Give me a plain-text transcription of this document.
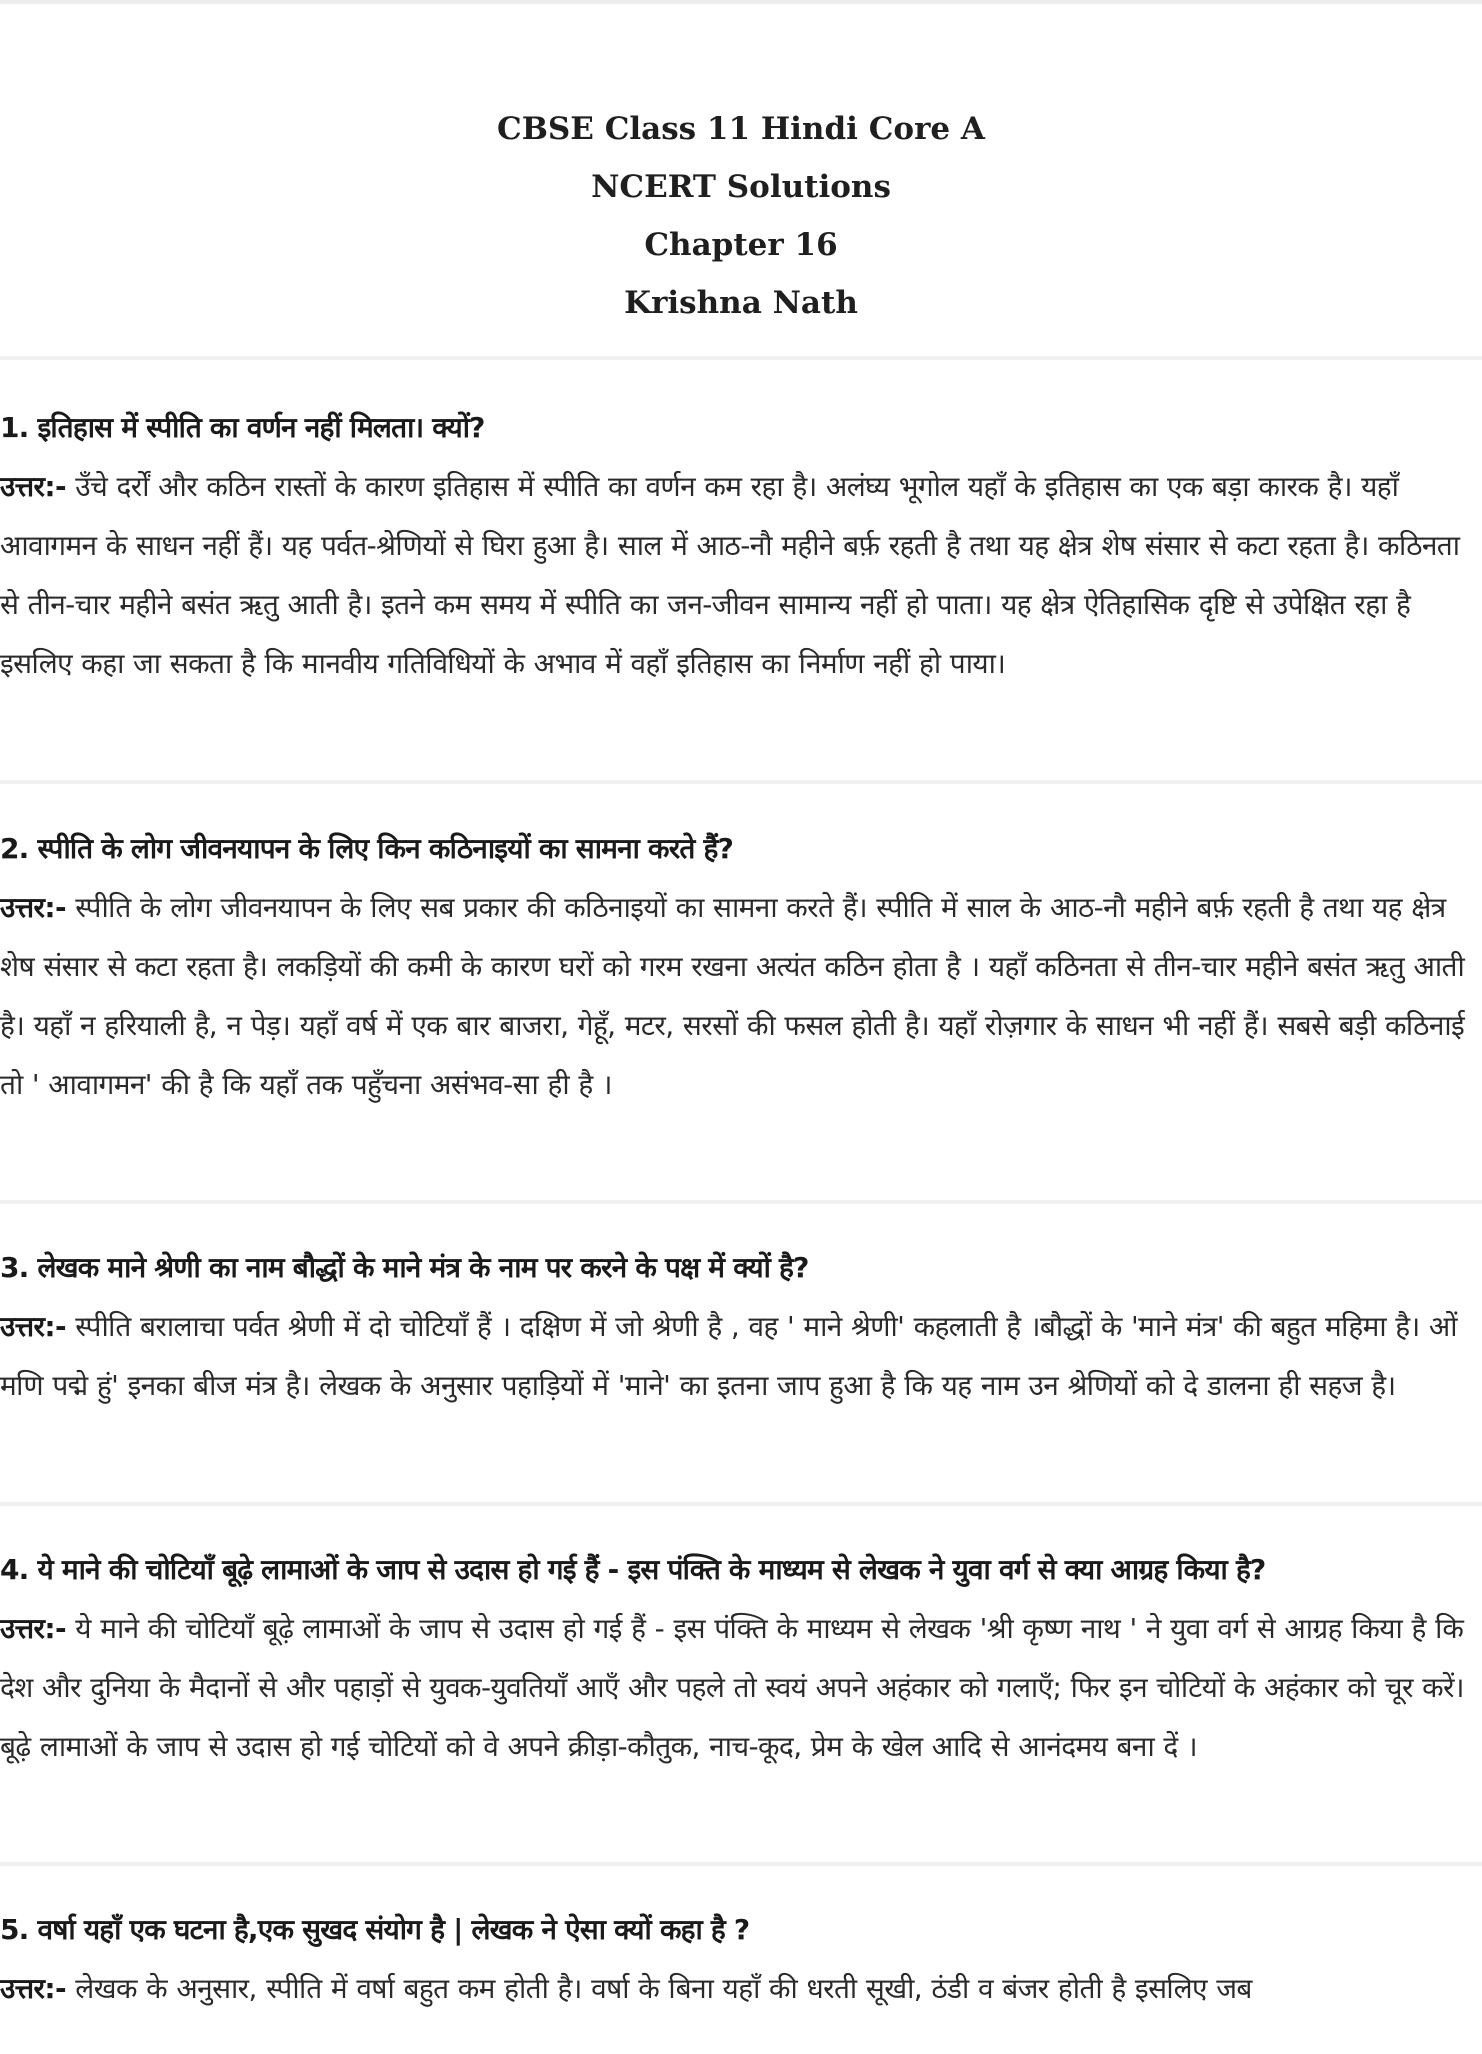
CBSE Class 11 Hindi Core A
NCERT Solutions
Chapter 16
Krishna Nath
1. इतिहास में स्पीति का वर्णन नहीं मिलता। क्यों?

उत्तर:- उँचे दर्रों और कठिन रास्तों के कारण इतिहास में स्पीति का वर्णन कम रहा है। अलंघ्य भूगोल यहाँ के इतिहास का एक बड़ा कारक है। यहाँ आवागमन के साधन नहीं हैं। यह पर्वत-श्रेणियों से घिरा हुआ है। साल में आठ-नौ महीने बर्फ़ रहती है तथा यह क्षेत्र शेष संसार से कटा रहता है। कठिनता से तीन-चार महीने बसंत ऋतु आती है। इतने कम समय में स्पीति का जन-जीवन सामान्य नहीं हो पाता। यह क्षेत्र ऐतिहासिक दृष्टि से उपेक्षित रहा है इसलिए कहा जा सकता है कि मानवीय गतिविधियों के अभाव में वहाँ इतिहास का निर्माण नहीं हो पाया।

2. स्पीति के लोग जीवनयापन के लिए किन कठिनाइयों का सामना करते हैं?

उत्तर:- स्पीति के लोग जीवनयापन के लिए सब प्रकार की कठिनाइयों का सामना करते हैं। स्पीति में साल के आठ-नौ महीने बर्फ़ रहती है तथा यह क्षेत्र शेष संसार से कटा रहता है। लकड़ियों की कमी के कारण घरों को गरम रखना अत्यंत कठिन होता है । यहाँ कठिनता से तीन-चार महीने बसंत ऋतु आती है। यहाँ न हरियाली है, न पेड़। यहाँ वर्ष में एक बार बाजरा, गेहूँ, मटर, सरसों की फसल होती है। यहाँ रोज़गार के साधन भी नहीं हैं। सबसे बड़ी कठिनाई तो ' आवागमन' की है कि यहाँ तक पहुँचना असंभव-सा ही है ।

3. लेखक माने श्रेणी का नाम बौद्धों के माने मंत्र के नाम पर करने के पक्ष में क्यों है?

उत्तर:- स्पीति बरालाचा पर्वत श्रेणी में दो चोटियाँ हैं । दक्षिण में जो श्रेणी है , वह ' माने श्रेणी' कहलाती है ।बौद्धों के 'माने मंत्र' की बहुत महिमा है। ओं मणि पद्मे हुं' इनका बीज मंत्र है। लेखक के अनुसार पहाड़ियों में 'माने' का इतना जाप हुआ है कि यह नाम उन श्रेणियों को दे डालना ही सहज है।

4. ये माने की चोटियाँ बूढ़े लामाओं के जाप से उदास हो गई हैं - इस पंक्ति के माध्यम से लेखक ने युवा वर्ग से क्या आग्रह किया है?

उत्तर:- ये माने की चोटियाँ बूढ़े लामाओं के जाप से उदास हो गई हैं - इस पंक्ति के माध्यम से लेखक 'श्री कृष्ण नाथ ' ने युवा वर्ग से आग्रह किया है कि देश और दुनिया के मैदानों से और पहाड़ों से युवक-युवतियाँ आएँ और पहले तो स्वयं अपने अहंकार को गलाएँ; फिर इन चोटियों के अहंकार को चूर करें। बूढ़े लामाओं के जाप से उदास हो गई चोटियों को वे अपने क्रीड़ा-कौतुक, नाच-कूद, प्रेम के खेल आदि से आनंदमय बना दें ।

5. वर्षा यहाँ एक घटना है,एक सुखद संयोग है | लेखक ने ऐसा क्यों कहा है ?

उत्तर:- लेखक के अनुसार, स्पीति में वर्षा बहुत कम होती है। वर्षा के बिना यहाँ की धरती सूखी, ठंडी व बंजर होती है इसलिए जब
